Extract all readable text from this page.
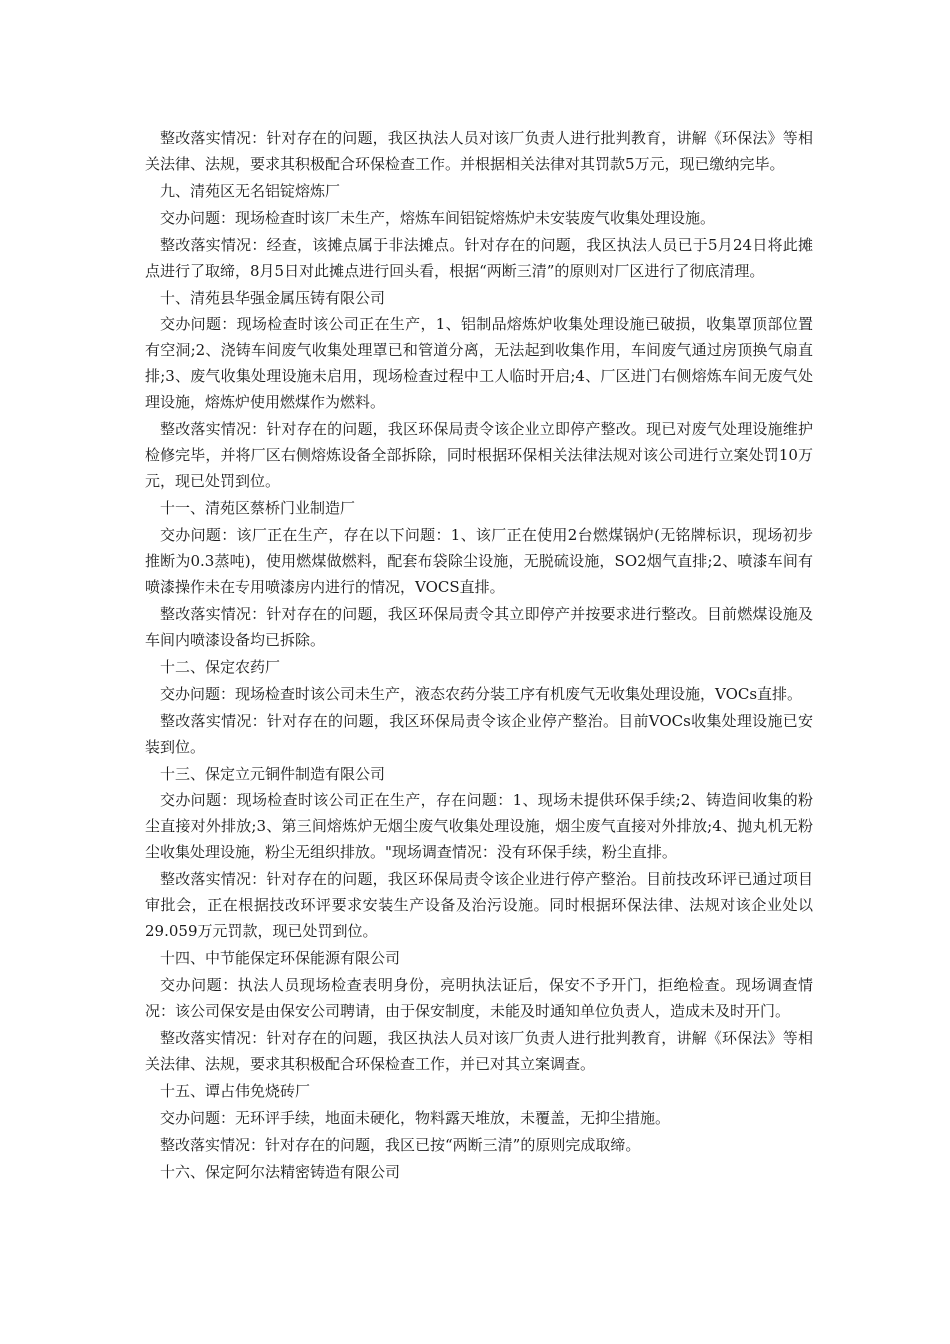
整改落实情况：针对存在的问题，我区执法人员对该厂负责人进行批判教育，讲解《环保法》等相关法律、法规，要求其积极配合环保检查工作。并根据相关法律对其罚款5万元，现已缴纳完毕。

九、清苑区无名铝锭熔炼厂

交办问题：现场检查时该厂未生产，熔炼车间铝锭熔炼炉未安装废气收集处理设施。

整改落实情况：经查，该摊点属于非法摊点。针对存在的问题，我区执法人员已于5月24日将此摊点进行了取缔，8月5日对此摊点进行回头看，根据“两断三清”的原则对厂区进行了彻底清理。

十、清苑县华强金属压铸有限公司

交办问题：现场检查时该公司正在生产，1、铝制品熔炼炉收集处理设施已破损，收集罩顶部位置有空洞;2、浇铸车间废气收集处理罩已和管道分离，无法起到收集作用，车间废气通过房顶换气扇直排;3、废气收集处理设施未启用，现场检查过程中工人临时开启;4、厂区进门右侧熔炼车间无废气处理设施，熔炼炉使用燃煤作为燃料。

整改落实情况：针对存在的问题，我区环保局责令该企业立即停产整改。现已对废气处理设施维护检修完毕，并将厂区右侧熔炼设备全部拆除，同时根据环保相关法律法规对该公司进行立案处罚10万元，现已处罚到位。

十一、清苑区蔡桥门业制造厂

交办问题：该厂正在生产，存在以下问题：1、该厂正在使用2台燃煤锅炉(无铭牌标识，现场初步推断为0.3蒸吨)，使用燃煤做燃料，配套布袋除尘设施，无脱硫设施，SO2烟气直排;2、喷漆车间有喷漆操作未在专用喷漆房内进行的情况，VOCS直排。

整改落实情况：针对存在的问题，我区环保局责令其立即停产并按要求进行整改。目前燃煤设施及车间内喷漆设备均已拆除。

十二、保定农药厂

交办问题：现场检查时该公司未生产，液态农药分装工序有机废气无收集处理设施，VOCs直排。

整改落实情况：针对存在的问题，我区环保局责令该企业停产整治。目前VOCs收集处理设施已安装到位。

十三、保定立元铜件制造有限公司

交办问题：现场检查时该公司正在生产，存在问题：1、现场未提供环保手续;2、铸造间收集的粉尘直接对外排放;3、第三间熔炼炉无烟尘废气收集处理设施，烟尘废气直接对外排放;4、抛丸机无粉尘收集处理设施，粉尘无组织排放。"现场调查情况：没有环保手续，粉尘直排。

整改落实情况：针对存在的问题，我区环保局责令该企业进行停产整治。目前技改环评已通过项目审批会，正在根据技改环评要求安装生产设备及治污设施。同时根据环保法律、法规对该企业处以29.059万元罚款，现已处罚到位。

十四、中节能保定环保能源有限公司

交办问题：执法人员现场检查表明身份，亮明执法证后，保安不予开门，拒绝检查。现场调查情况：该公司保安是由保安公司聘请，由于保安制度，未能及时通知单位负责人，造成未及时开门。

整改落实情况：针对存在的问题，我区执法人员对该厂负责人进行批判教育，讲解《环保法》等相关法律、法规，要求其积极配合环保检查工作，并已对其立案调查。

十五、谭占伟免烧砖厂

交办问题：无环评手续，地面未硬化，物料露天堆放，未覆盖，无抑尘措施。

整改落实情况：针对存在的问题，我区已按“两断三清”的原则完成取缔。

十六、保定阿尔法精密铸造有限公司
